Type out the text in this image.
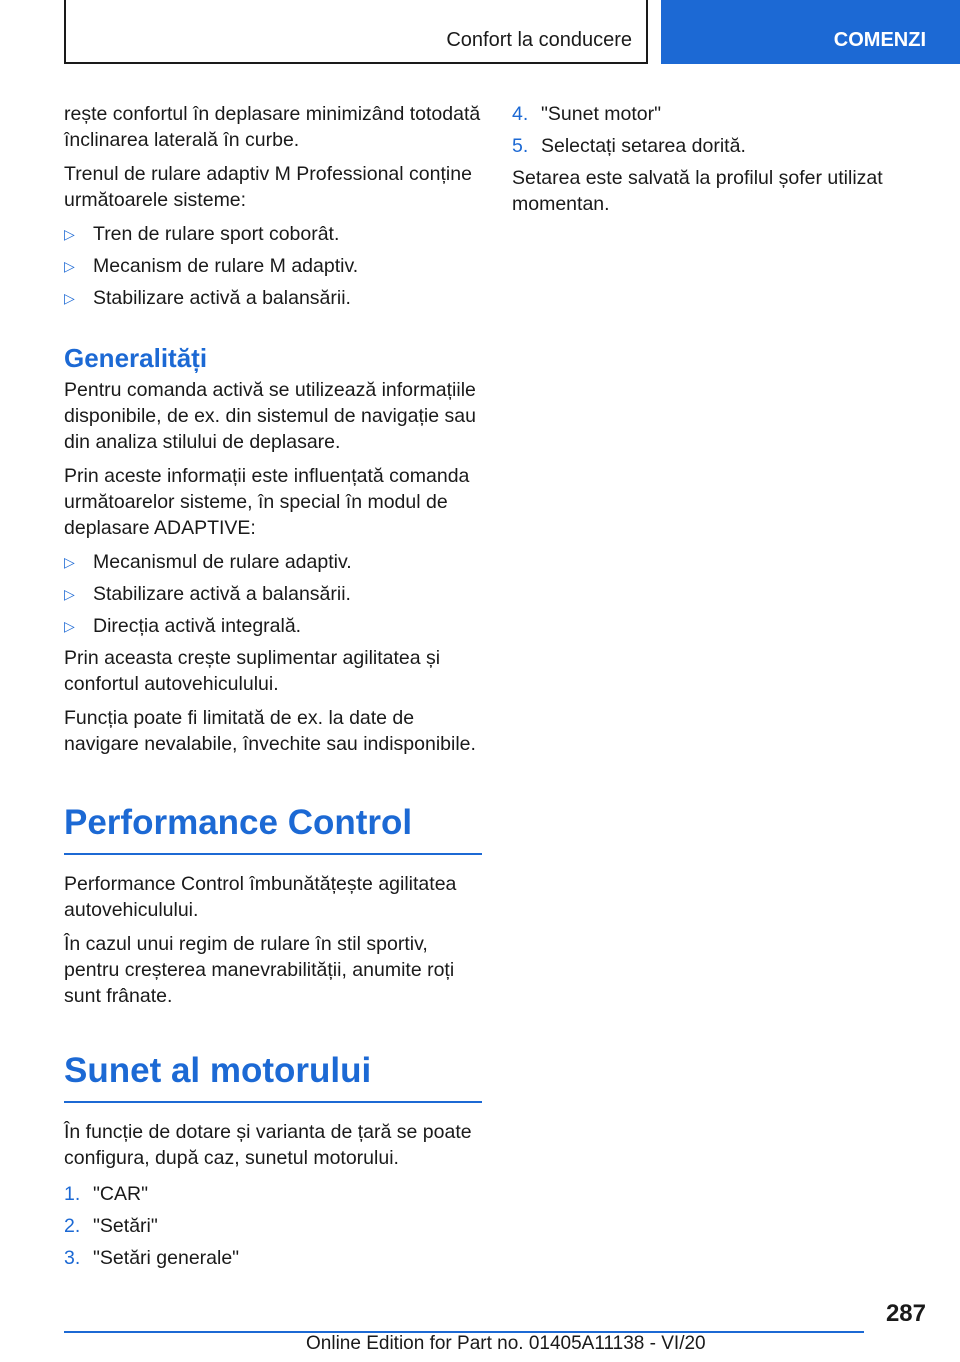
Confort la conducere	COMENZI

rește confortul în deplasare minimizând totodată înclinarea laterală în curbe.

Trenul de rulare adaptiv M Professional conține următoarele sisteme:

▷ Tren de rulare sport coborât.
▷ Mecanism de rulare M adaptiv.
▷ Stabilizare activă a balansării.
Generalități

Pentru comanda activă se utilizează informațiile disponibile, de ex. din sistemul de navigație sau din analiza stilului de deplasare.

Prin aceste informații este influențată comanda următoarelor sisteme, în special în modul de deplasare ADAPTIVE:

▷ Mecanismul de rulare adaptiv.
▷ Stabilizare activă a balansării.
▷ Direcția activă integrală.

Prin aceasta crește suplimentar agilitatea și confortul autovehiculului.

Funcția poate fi limitată de ex. la date de navigare nevalabile, învechite sau indisponibile.

Performance Control

Performance Control îmbunătățește agilitatea autovehiculului.

În cazul unui regim de rulare în stil sportiv, pentru creșterea manevrabilității, anumite roți sunt frânate.

Sunet al motorului

În funcție de dotare și varianta de țară se poate configura, după caz, sunetul motorului.

1. "CAR"
2. "Setări"
3. "Setări generale"
4. "Sunet motor"
5. Selectați setarea dorită.

Setarea este salvată la profilul șofer utilizat momentan.

287
Online Edition for Part no. 01405A11138 - VI/20
